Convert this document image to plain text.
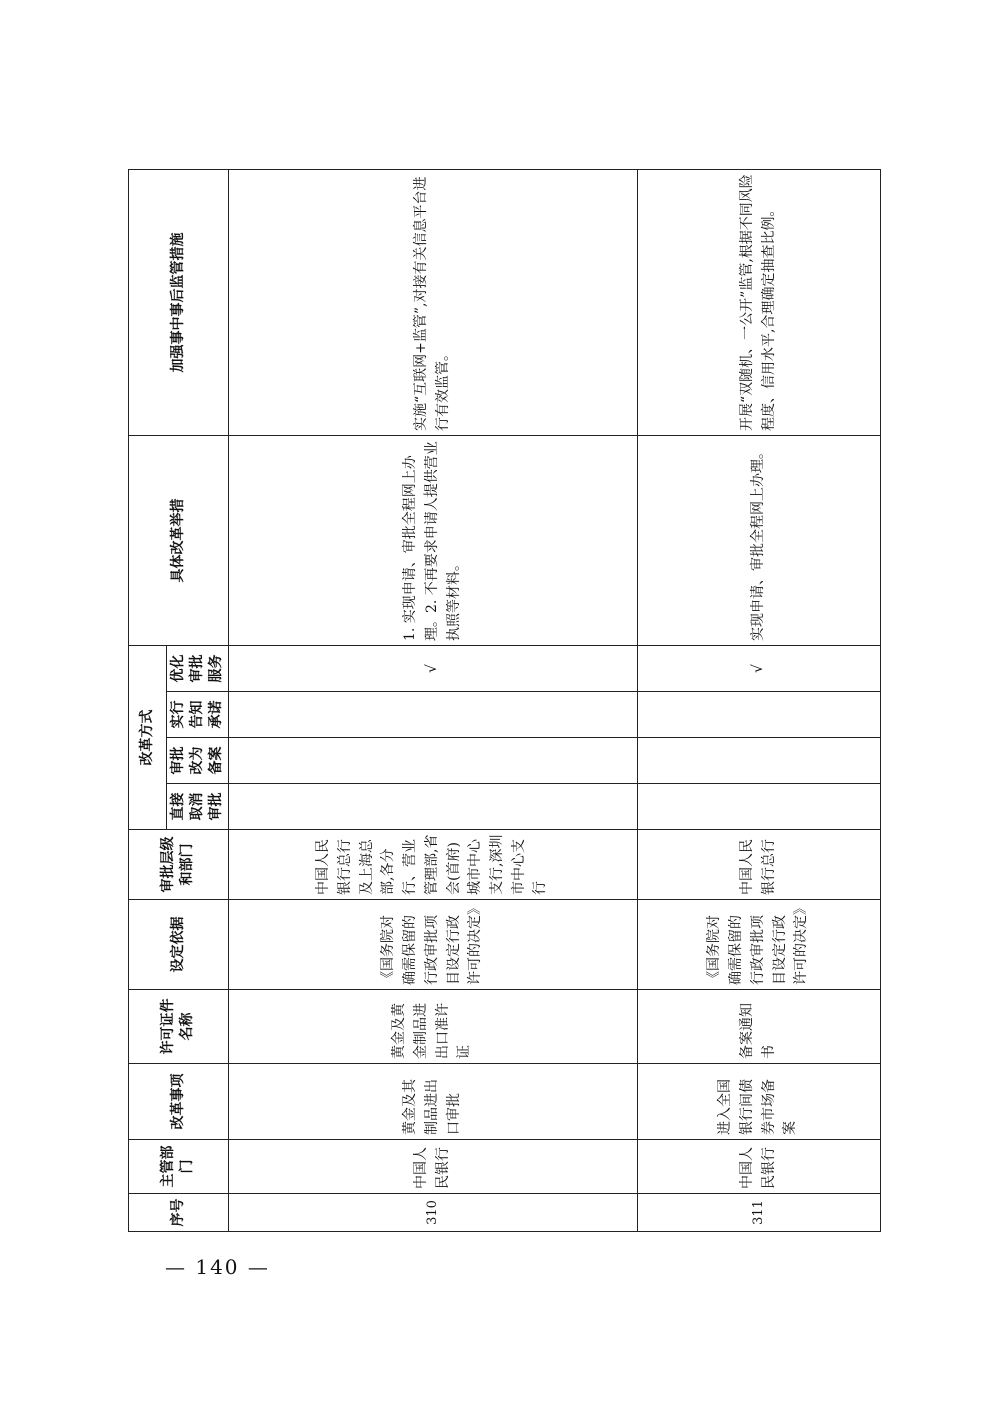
序号	主管部门	改革事项	许可证件名称	设定依据	审批层级和部门	改革方式				具体改革举措	加强事中事后监管措施
						直接取消审批	审批改为备案	实行告知承诺	优化审批服务		
310	中国人民银行	黄金及其制品进出口审批	黄金及黄金制品进出口准许证	《国务院对确需保留的行政审批项目设定行政许可的决定》	中国人民银行总行及上海总部,各分行、营业管理部,省会(首府)城市中心支行,深圳市中心支行				√	1. 实现申请、审批全程网上办理。2. 不再要求申请人提供营业执照等材料。	实施“互联网+监管”,对接有关信息平台进行有效监管。
311	中国人民银行	进入全国银行间债券市场备案	备案通知书	《国务院对确需保留的行政审批项目设定行政许可的决定》	中国人民银行总行				√	实现申请、审批全程网上办理。	开展“双随机、一公开”监管,根据不同风险程度、信用水平,合理确定抽查比例。
— 140 —
